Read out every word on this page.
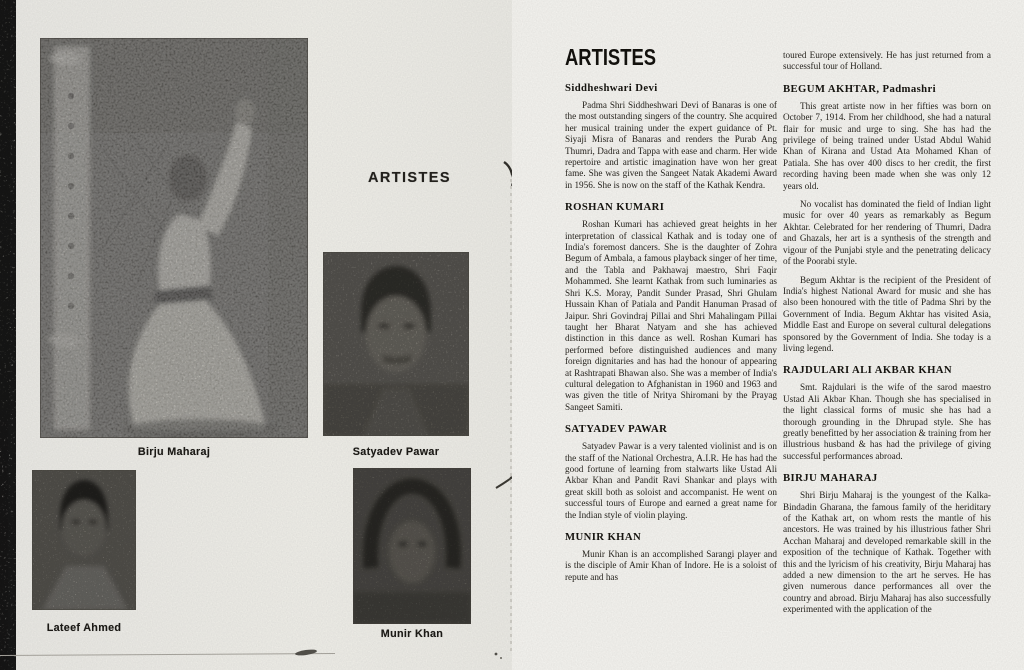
Birju Maharaj
ARTISTES
Satyadev Pawar
Lateef Ahmed	Munir Khan
ARTISTES
Siddheshwari Devi

Padma Shri Siddheshwari Devi of Banaras is one of the most outstanding singers of the country. She acquired her musical training under the expert guidance of Pt. Siyaji Misra of Banaras and renders the Purab Ang Thumri, Dadra and Tappa with ease and charm. Her wide repertoire and artistic imagination have won her great fame. She was given the Sangeet Natak Akademi Award in 1956. She is now on the staff of the Kathak Kendra.

ROSHAN KUMARI

Roshan Kumari has achieved great heights in her interpretation of classical Kathak and is today one of India's foremost dancers. She is the daughter of Zohra Begum of Ambala, a famous playback singer of her time, and the Tabla and Pakhawaj maestro, Shri Faqir Mohammed. She learnt Kathak from such luminaries as Shri K.S. Moray, Pandit Sunder Prasad, Shri Ghulam Hussain Khan of Patiala and Pandit Hanuman Prasad of Jaipur. Shri Govindraj Pillai and Shri Mahalingam Pillai taught her Bharat Natyam and she has achieved distinction in this dance as well. Roshan Kumari has performed before distinguished audiences and many foreign dignitaries and has had the honour of appearing at Rashtrapati Bhawan also. She was a member of India's cultural delegation to Afghanistan in 1960 and 1963 and was given the title of Nritya Shiromani by the Prayag Sangeet Samiti.

SATYADEV PAWAR

Satyadev Pawar is a very talented violinist and is on the staff of the National Orchestra, A.I.R. He has had the good fortune of learning from stalwarts like Ustad Ali Akbar Khan and Pandit Ravi Shankar and plays with great skill both as soloist and accompanist. He went on successful tours of Europe and earned a great name for the Indian style of violin playing.

MUNIR KHAN

Munir Khan is an accomplished Sarangi player and is the disciple of Amir Khan of Indore. He is a soloist of repute and has

toured Europe extensively. He has just returned from a successful tour of Holland.

BEGUM AKHTAR, Padmashri

This great artiste now in her fifties was born on October 7, 1914. From her childhood, she had a natural flair for music and urge to sing. She has had the privilege of being trained under Ustad Abdul Wahid Khan of Kirana and Ustad Ata Mohamed Khan of Patiala. She has over 400 discs to her credit, the first recording having been made when she was only 12 years old.

No vocalist has dominated the field of Indian light music for over 40 years as remarkably as Begum Akhtar. Celebrated for her rendering of Thumri, Dadra and Ghazals, her art is a synthesis of the strength and vigour of the Punjabi style and the penetrating delicacy of the Poorabi style.

Begum Akhtar is the recipient of the President of India's highest National Award for music and she has also been honoured with the title of Padma Shri by the Government of India. Begum Akhtar has visited Asia, Middle East and Europe on several cultural delegations sponsored by the Government of India. She today is a living legend.

RAJDULARI ALI AKBAR KHAN

Smt. Rajdulari is the wife of the sarod maestro Ustad Ali Akbar Khan. Though she has specialised in the light classical forms of music she has had a thorough grounding in the Dhrupad style. She has greatly benefitted by her association & training from her illustrious husband & has had the privilege of giving successful performances abroad.

BIRJU MAHARAJ

Shri Birju Maharaj is the youngest of the Kalka-Bindadin Gharana, the famous family of the heriditary of the Kathak art, on whom rests the mantle of his ancestors. He was trained by his illustrious father Shri Acchan Maharaj and developed remarkable skill in the exposition of the technique of Kathak. Together with this and the lyricism of his creativity, Birju Maharaj has added a new dimension to the art he serves. He has given numerous dance performances all over the country and abroad. Birju Maharaj has also successfully experimented with the application of the
